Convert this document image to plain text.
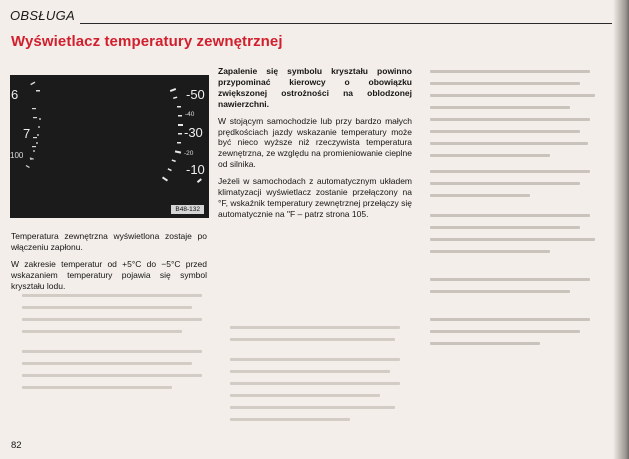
OBSŁUGA
Wyświetlacz temperatury zewnętrznej
-50
-40
-30
-20
-10
6
7
100
B48-132

Temperatura zewnętrzna wyświetlona zostaje po włączeniu zapłonu.

W zakresie temperatur od +5°C do −5°C przed wskazaniem temperatury pojawia się symbol kryształu lodu.

Zapalenie się symbolu kryształu powinno przypominać kierowcy o obowiązku zwiększonej ostrożności na oblodzonej nawierzchni.

W stojącym samochodzie lub przy bardzo małych prędkościach jazdy wskazanie temperatury może być nieco wyższe niż rzeczywista temperatura zewnętrzna, ze względu na promieniowanie cieplne od silnika.

Jeżeli w samochodach z automatycznym układem klimatyzacji wyświetlacz zostanie przełączony na °F, wskaźnik temperatury zewnętrznej przełączy się automatycznie na "F – patrz strona 105.

82
